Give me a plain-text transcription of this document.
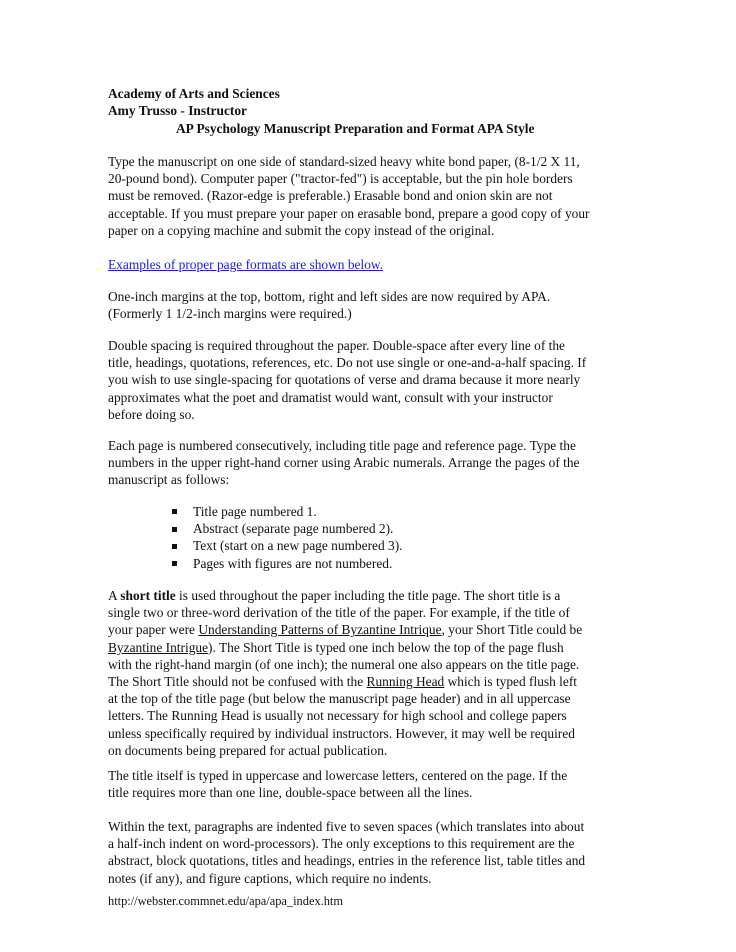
Academy of Arts and Sciences
Amy Trusso - Instructor
AP Psychology Manuscript Preparation and Format APA Style
Type the manuscript on one side of standard-sized heavy white bond paper, (8-1/2 X 11,
20-pound bond). Computer paper ("tractor-fed") is acceptable, but the pin hole borders
must be removed. (Razor-edge is preferable.) Erasable bond and onion skin are not
acceptable. If you must prepare your paper on erasable bond, prepare a good copy of your
paper on a copying machine and submit the copy instead of the original.
Examples of proper page formats are shown below.
One-inch margins at the top, bottom, right and left sides are now required by APA.
(Formerly 1 1/2-inch margins were required.)
Double spacing is required throughout the paper. Double-space after every line of the
title, headings, quotations, references, etc. Do not use single or one-and-a-half spacing. If
you wish to use single-spacing for quotations of verse and drama because it more nearly
approximates what the poet and dramatist would want, consult with your instructor
before doing so.
Each page is numbered consecutively, including title page and reference page. Type the
numbers in the upper right-hand corner using Arabic numerals. Arrange the pages of the
manuscript as follows:
Title page numbered 1.
Abstract (separate page numbered 2).
Text (start on a new page numbered 3).
Pages with figures are not numbered.
A short title is used throughout the paper including the title page. The short title is a
single two or three-word derivation of the title of the paper. For example, if the title of
your paper were Understanding Patterns of Byzantine Intrique, your Short Title could be
Byzantine Intrigue). The Short Title is typed one inch below the top of the page flush
with the right-hand margin (of one inch); the numeral one also appears on the title page.
The Short Title should not be confused with the Running Head which is typed flush left
at the top of the title page (but below the manuscript page header) and in all uppercase
letters. The Running Head is usually not necessary for high school and college papers
unless specifically required by individual instructors. However, it may well be required
on documents being prepared for actual publication.
The title itself is typed in uppercase and lowercase letters, centered on the page. If the
title requires more than one line, double-space between all the lines.
Within the text, paragraphs are indented five to seven spaces (which translates into about
a half-inch indent on word-processors). The only exceptions to this requirement are the
abstract, block quotations, titles and headings, entries in the reference list, table titles and
notes (if any), and figure captions, which require no indents.
http://webster.commnet.edu/apa/apa_index.htm
